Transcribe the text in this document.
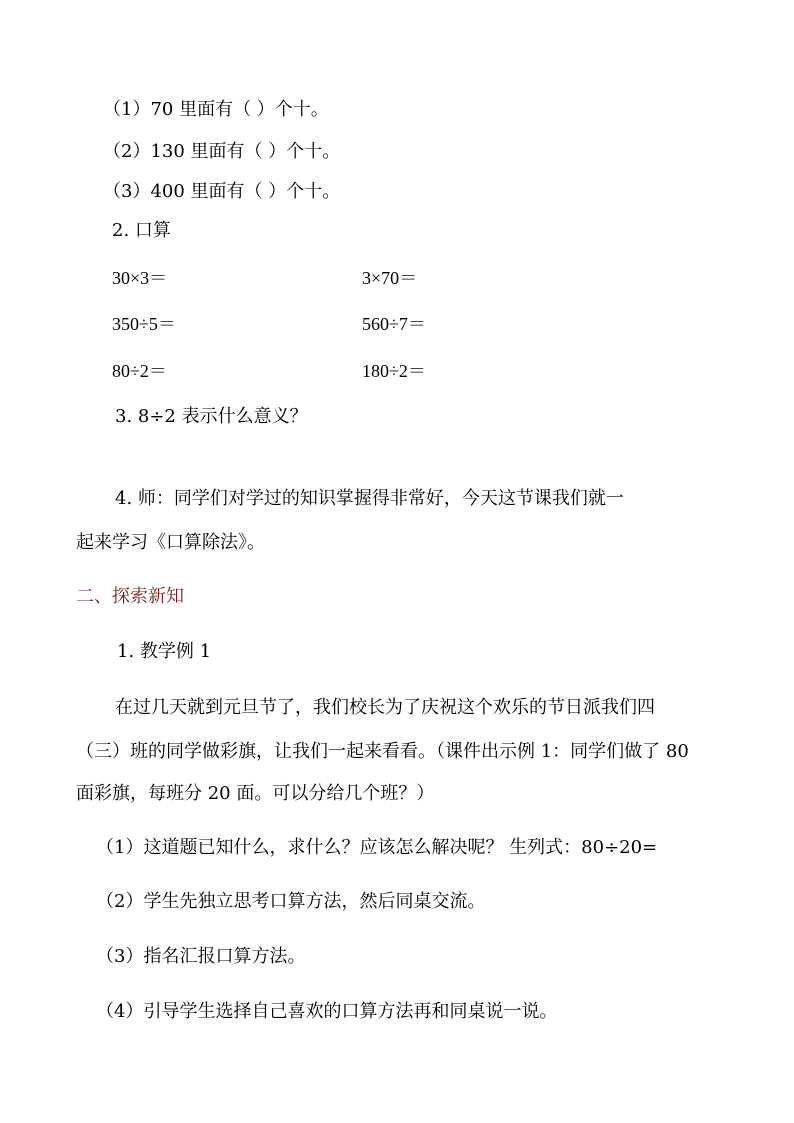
（1）70 里面有（ ）个十。
（2）130 里面有（ ）个十。
（3）400 里面有（ ）个十。
2. 口算
30×3＝	3×70＝
350÷5＝	560÷7＝
80÷2＝	180÷2＝
3. 8÷2 表示什么意义？
4. 师：同学们对学过的知识掌握得非常好，今天这节课我们就一
起来学习《口算除法》。
二、探索新知
1. 教学例 1
在过几天就到元旦节了，我们校长为了庆祝这个欢乐的节日派我们四
（三）班的同学做彩旗，让我们一起来看看。（课件出示例 1：同学们做了 80
面彩旗，每班分 20 面。可以分给几个班？）
（1）这道题已知什么，求什么？应该怎么解决呢？ 生列式：80÷20=
（2）学生先独立思考口算方法，然后同桌交流。
（3）指名汇报口算方法。
（4）引导学生选择自己喜欢的口算方法再和同桌说一说。
